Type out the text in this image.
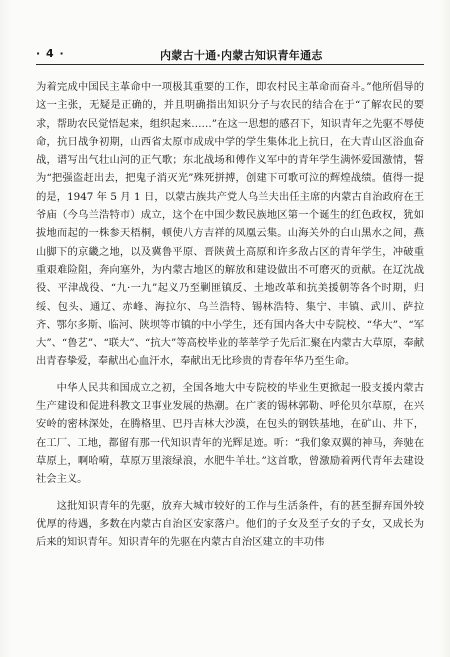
· 4 ·	内蒙古十通·内蒙古知识青年通志

为着完成中国民主革命中一项极其重要的工作，即农村民主革命而奋斗。”他所倡导的这一主张，无疑是正确的，并且明确指出知识分子与农民的结合在于“了解农民的要求，帮助农民觉悟起来，组织起来……”在这一思想的感召下，知识青年之先驱不辱使命，抗日战争初期，山西省太原市成成中学的学生集体北上抗日，在大青山区浴血奋战，谱写出气壮山河的正气歌；东北战场和傅作义军中的青年学生满怀爱国激情，誓为“把强盗赶出去，把鬼子消灭光”殊死拼搏，创建下可歌可泣的辉煌战绩。值得一提的是，1947 年 5 月 1 日，以蒙古族共产党人乌兰夫出任主席的内蒙古自治政府在王爷庙（今乌兰浩特市）成立，这个在中国少数民族地区第一个诞生的红色政权，犹如拔地而起的一株参天梧桐，顿使八方吉祥的凤凰云集。山海关外的白山黑水之间，燕山脚下的京畿之地，以及冀鲁平原、晋陕黄土高原和许多敌占区的青年学生，冲破重重艰难险阻，奔向塞外，为内蒙古地区的解放和建设做出不可磨灭的贡献。在辽沈战役、平津战役、“九·一九”起义乃至剿匪镇反、土地改革和抗美援朝等各个时期，归绥、包头、通辽、赤峰、海拉尔、乌兰浩特、锡林浩特、集宁、丰镇、武川、萨拉齐、鄂尔多斯、临河、陕坝等市镇的中小学生，还有国内各大中专院校、“华大”、“军大”、“鲁艺”、“联大”、“抗大”等高校毕业的莘莘学子先后汇聚在内蒙古大草原，奉献出青春挚爱，奉献出心血汗水，奉献出无比珍贵的青春年华乃至生命。

中华人民共和国成立之初，全国各地大中专院校的毕业生更掀起一股支援内蒙古生产建设和促进科教文卫事业发展的热潮。在广袤的锡林郭勒、呼伦贝尔草原，在兴安岭的密林深处，在腾格里、巴丹吉林大沙漠，在包头的钢铁基地，在矿山、井下，在工厂、工地，都留有那一代知识青年的光辉足迹。听：“我们象双翼的神马，奔驰在草原上，啊哈嗬，草原万里滚绿浪，水肥牛羊壮。”这首歌，曾激励着两代青年去建设社会主义。

这批知识青年的先驱，放弃大城市较好的工作与生活条件，有的甚至摒弃国外较优厚的待遇，多数在内蒙古自治区安家落户。他们的子女及至子女的子女，又成长为后来的知识青年。知识青年的先驱在内蒙古自治区建立的丰功伟
